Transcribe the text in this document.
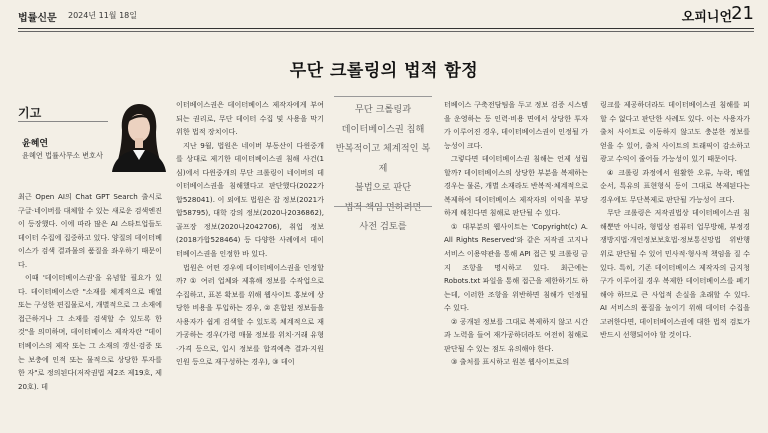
법률신문 2024년 11월 18일	오피니언 21
무단 크롤링의 법적 함정
기고
윤혜연
윤혜연 법률사무소 변호사

최근 Open AI의 Chat GPT Search 출시로 구글·네이버를 대체할 수 있는 새로운 검색엔진이 등장했다. 이에 따라 많은 AI 스타트업들도 데이터 수집에 집중하고 있다. 양질의 데이터베이스가 검색 결과물의 품질을 좌우하기 때문이다.

이때 '데이터베이스권'을 유념할 필요가 있다. 데이터베이스란 "소재를 체계적으로 배열 또는 구성한 편집물로서, 개별적으로 그 소재에 접근하거나 그 소재를 검색할 수 있도록 한 것"을 의미하며, 데이터베이스 제작자란 "데이터베이스의 제작 또는 그 소재의 갱신·검증 또는 보충에 인적 또는 물적으로 상당한 투자를 한 자"로 정의된다(저작권법 제2조 제19호, 제20호). 데

이터베이스권은 데이터베이스 제작자에게 부여되는 권리로, 무단 데이터 수집 및 사용을 막기 위한 법적 장치이다.

지난 9월, 법원은 네이버 부동산이 다윈중개를 상대로 제기한 데이터베이스권 침해 사건(1심)에서 다윈중개의 무단 크롤링이 네이버의 데이터베이스권을 침해했다고 판단했다(2022가합528041). 이 외에도 법원은 잡 정보(2021가합58795), 대학 강의 정보(2020나2036862), 골프장 정보(2020나2042706), 취업 정보(2018가합528464) 등 다양한 사례에서 데이터베이스권을 인정한 바 있다.

법원은 어떤 경우에 데이터베이스권을 인정할까? ① 여러 업체와 제휴해 정보를 수작업으로 수집하고, 표본 확보를 위해 웹사이트 홍보에 상당한 비용을 투입하는 경우, ② 흔합된 정보들을 사용자가 쉽게 검색할 수 있도록 체계적으로 재가공하는 경우(가령 매물 정보를 위치·거래 유형·가격 등으로, 입시 정보를 합격예측 결과·지원 인원 등으로 재구성하는 경우), ③ 데이

무단 크롤링과
데이터베이스권 침해
반복적이고 체계적인 복제
불법으로 판단
법적 책임 면하려면
사전 검토를

터베이스 구축전담팀을 두고 정보 검증 시스템을 운영하는 등 인력·비용 면에서 상당한 투자가 이루어진 경우, 데이터베이스권이 인정될 가능성이 크다.

그렇다면 데이터베이스권 침해는 언제 성립할까? 데이터베이스의 상당한 부분을 복제하는 경우는 물론, 개별 소재라도 반복적·체계적으로 복제하여 데이터베이스 제작자의 이익을 부당하게 해친다면 침해로 판단될 수 있다.

① 대부분의 웹사이트는 'Copyright(c) A. All Rights Reserved'와 같은 저작권 고지나 서비스 이용약관을 통해 API 접근 및 크롤링 금지 조항을 명시하고 있다. 최근에는 Robots.txt 파일을 통해 접근을 제한하기도 하는데, 이러한 조항을 위반하면 침해가 인정될 수 있다.

② 공개된 정보를 그대로 복제하지 않고 시간과 노력을 들여 재가공하더라도 여전히 침해로 판단될 수 있는 점도 유의해야 한다.

③ 출처를 표시하고 원본 웹사이트로의

링크를 제공하더라도 데이터베이스권 침해를 피할 수 없다고 판단한 사례도 있다. 이는 사용자가 출처 사이트로 이동하지 않고도 충분한 정보를 얻을 수 있어, 출처 사이트의 트래픽이 감소하고 광고 수익이 줄어들 가능성이 있기 때문이다.

④ 크롤링 과정에서 원활한 오류, 누락, 배열 순서, 특유의 표현형식 등이 그대로 복제된다는 경우에도 무단복제로 판단될 가능성이 크다.

무단 크롤링은 저작권법상 데이터베이스권 침해뿐만 아니라, 형법상 컴퓨터 업무방해, 부정경쟁방지법·개인정보보호법·정보통신망법 위반행위로 판단될 수 있어 민사적·형사적 책임을 질 수 있다. 특히, 기존 데이터베이스 제작자의 금지청구가 이루어질 경우 복제한 데이터베이스를 폐기해야 하므로 큰 사업적 손실을 초래할 수 있다. AI 서비스의 품질을 높이기 위해 데이터 수집을 고려한다면, 데이터베이스권에 대한 법적 검토가 반드시 선행되어야 할 것이다.
